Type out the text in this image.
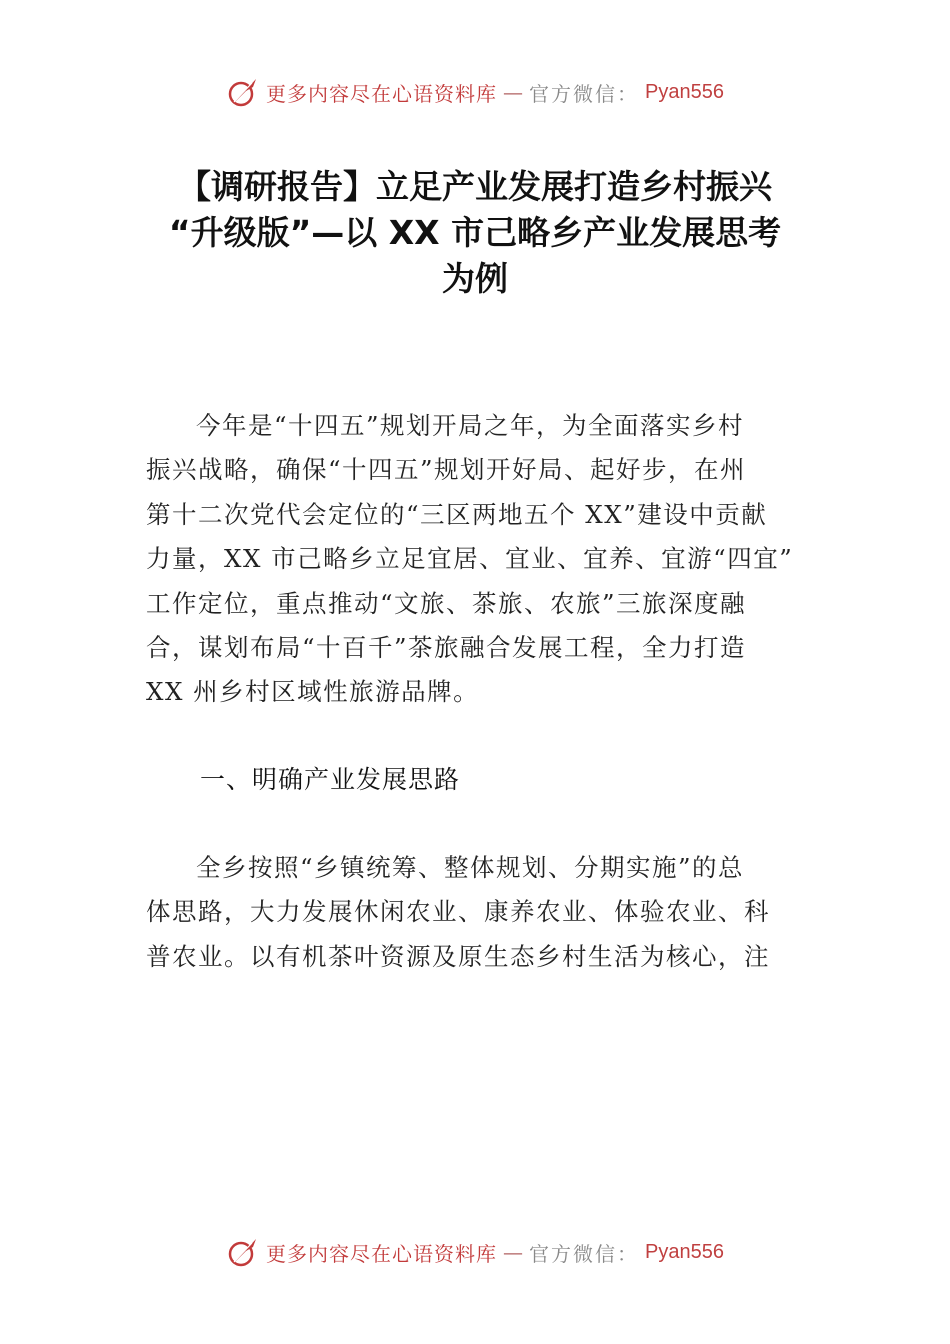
更多内容尽在心语资料库 — 官方微信： Pyan556
【调研报告】立足产业发展打造乡村振兴
“升级版”—以 XX 市己略乡产业发展思考
为例
今年是“十四五”规划开局之年，为全面落实乡村
振兴战略，确保“十四五”规划开好局、起好步，在州
第十二次党代会定位的“三区两地五个 XX”建设中贡献
力量，XX 市己略乡立足宜居、宜业、宜养、宜游“四宜”
工作定位，重点推动“文旅、茶旅、农旅”三旅深度融
合，谋划布局“十百千”茶旅融合发展工程，全力打造
XX 州乡村区域性旅游品牌。
一、明确产业发展思路
全乡按照“乡镇统筹、整体规划、分期实施”的总
体思路，大力发展休闲农业、康养农业、体验农业、科
普农业。以有机茶叶资源及原生态乡村生活为核心，注
更多内容尽在心语资料库 — 官方微信： Pyan556
